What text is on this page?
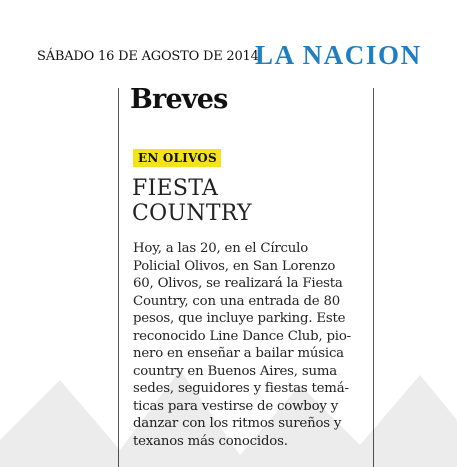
SÁBADO 16 DE AGOSTO DE 2014
LA NACION
Breves
EN OLIVOS
FIESTA
COUNTRY
Hoy, a las 20, en el Círculo
Policial Olivos, en San Lorenzo
60, Olivos, se realizará la Fiesta
Country, con una entrada de 80
pesos, que incluye parking. Este
reconocido Line Dance Club, pio-
nero en enseñar a bailar música
country en Buenos Aires, suma
sedes, seguidores y fiestas temá-
ticas para vestirse de cowboy y
danzar con los ritmos sureños y
texanos más conocidos.
